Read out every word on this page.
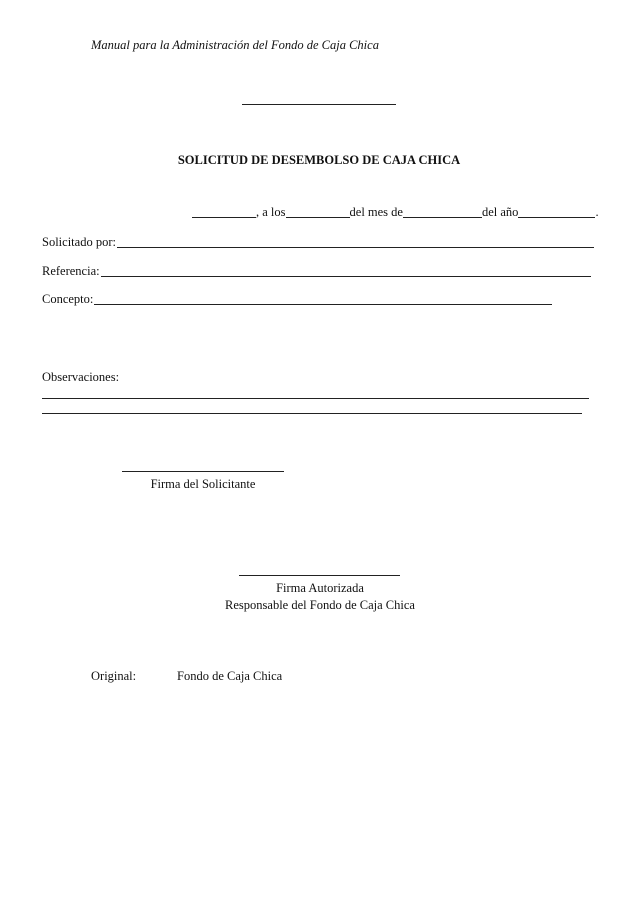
Manual para la Administración del Fondo de Caja Chica
SOLICITUD DE DESEMBOLSO DE CAJA CHICA
, a los	del mes de	del año	.
Solicitado por:
Referencia:
Concepto:
Observaciones:
Firma del Solicitante
Firma Autorizada
Responsable del Fondo de Caja Chica
Original:	Fondo de Caja Chica
